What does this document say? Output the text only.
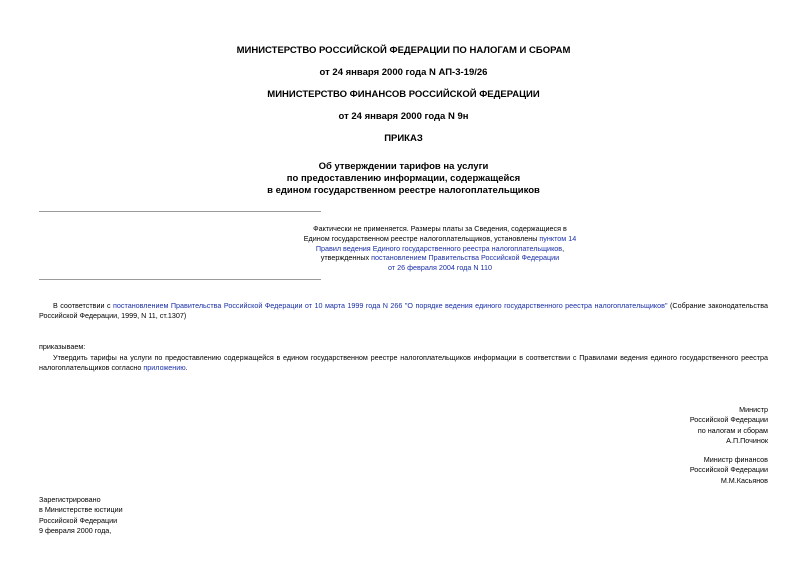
МИНИСТЕРСТВО РОССИЙСКОЙ ФЕДЕРАЦИИ ПО НАЛОГАМ И СБОРАМ
от 24 января 2000 года N АП-3-19/26
МИНИСТЕРСТВО ФИНАНСОВ РОССИЙСКОЙ ФЕДЕРАЦИИ
от 24 января 2000 года N 9н
ПРИКАЗ
Об утверждении тарифов на услуги
по предоставлению информации, содержащейся
в едином государственном реестре налогоплательщиков
Фактически не применяется. Размеры платы за Сведения, содержащиеся в
Едином государственном реестре налогоплательщиков, установлены пунктом 14
Правил ведения Единого государственного реестра налогоплательщиков,
утвержденных постановлением Правительства Российской Федерации
от 26 февраля 2004 года N 110
В соответствии с постановлением Правительства Российской Федерации от 10 марта 1999 года N 266 "О порядке ведения единого государственного реестра налогоплательщиков" (Собрание законодательства Российской Федерации, 1999, N 11, ст.1307)
приказываем:
Утвердить тарифы на услуги по предоставлению содержащейся в едином государственном реестре налогоплательщиков информации в соответствии с Правилами ведения единого государственного реестра налогоплательщиков согласно приложению.
Министр
Российской Федерации
по налогам и сборам
А.П.Починок
Министр финансов
Российской Федерации
М.М.Касьянов
Зарегистрировано
в Министерстве юстиции
Российской Федерации
9 февраля 2000 года,
